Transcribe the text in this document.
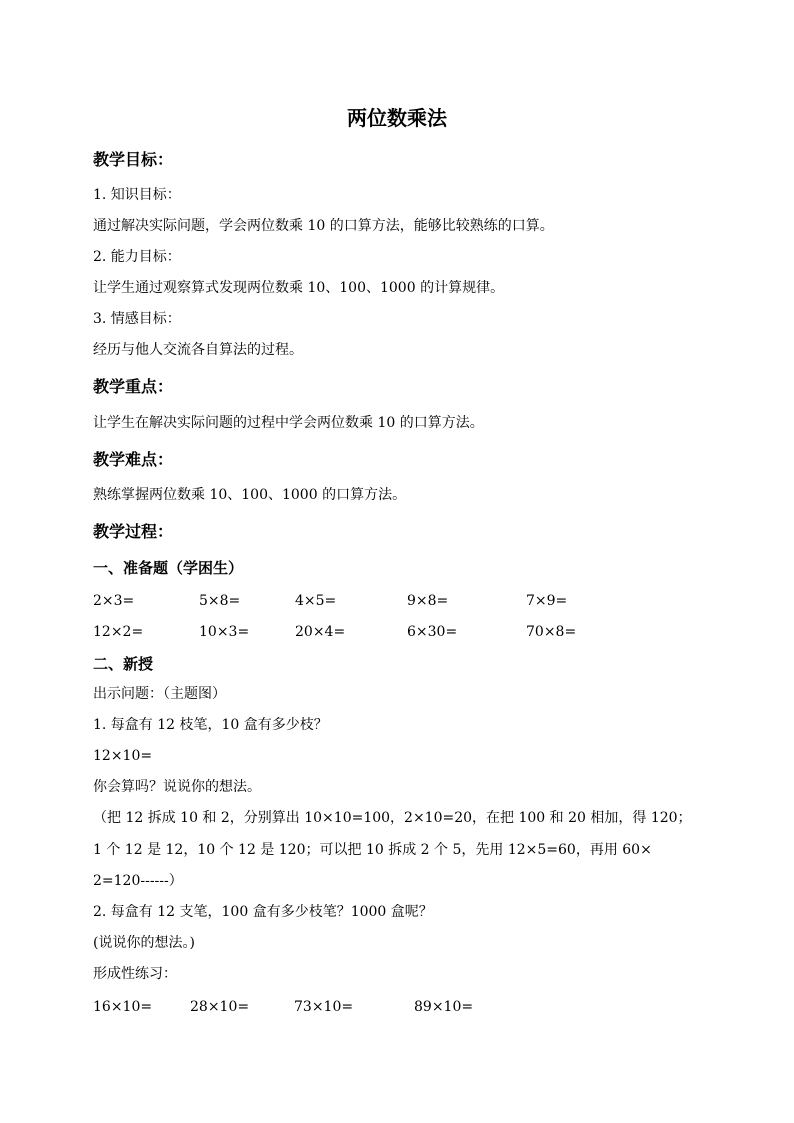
两位数乘法
教学目标：
1. 知识目标：
通过解决实际问题，学会两位数乘 10 的口算方法，能够比较熟练的口算。
2. 能力目标：
让学生通过观察算式发现两位数乘 10、100、1000 的计算规律。
3. 情感目标：
经历与他人交流各自算法的过程。
教学重点：
让学生在解决实际问题的过程中学会两位数乘 10 的口算方法。
教学难点：
熟练掌握两位数乘 10、100、1000 的口算方法。
教学过程：
一、准备题（学困生）
2×3=	5×8=	4×5=	9×8=	7×9=
12×2=	10×3=	20×4=	6×30=	70×8=
二、新授
出示问题：（主题图）
1. 每盒有 12 枝笔，10 盒有多少枝？
12×10=
你会算吗？说说你的想法。
（把 12 拆成 10 和 2，分别算出 10×10=100，2×10=20，在把 100 和 20 相加，得 120；
1 个 12 是 12，10 个 12 是 120；可以把 10 拆成 2 个 5，先用 12×5=60，再用 60×
2=120------）
2. 每盒有 12 支笔，100 盒有多少枝笔？1000 盒呢？
(说说你的想法。)
形成性练习：
16×10=	28×10=	73×10=	89×10=
